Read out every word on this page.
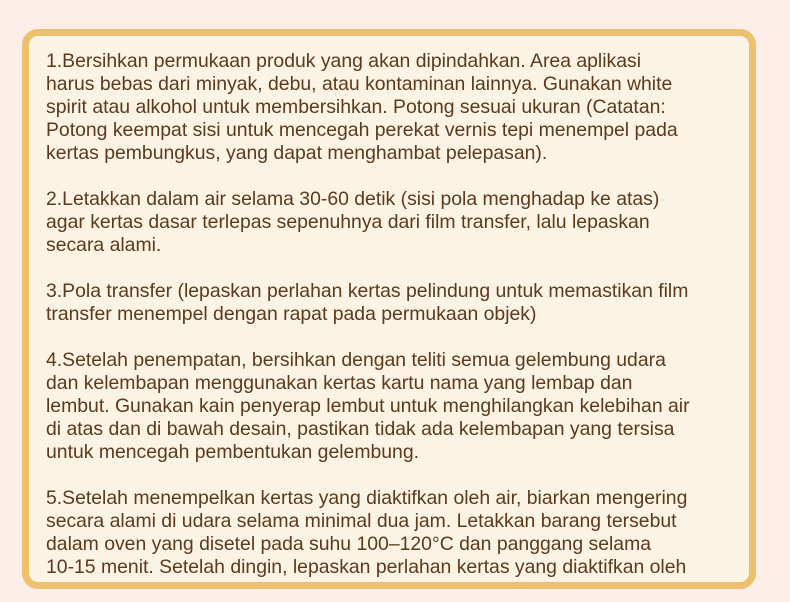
1.Bersihkan permukaan produk yang akan dipindahkan. Area aplikasi
harus bebas dari minyak, debu, atau kontaminan lainnya. Gunakan white
spirit atau alkohol untuk membersihkan. Potong sesuai ukuran (Catatan:
Potong keempat sisi untuk mencegah perekat vernis tepi menempel pada
kertas pembungkus, yang dapat menghambat pelepasan).

2.Letakkan dalam air selama 30-60 detik (sisi pola menghadap ke atas)
agar kertas dasar terlepas sepenuhnya dari film transfer, lalu lepaskan
secara alami.

3.Pola transfer (lepaskan perlahan kertas pelindung untuk memastikan film
transfer menempel dengan rapat pada permukaan objek)

4.Setelah penempatan, bersihkan dengan teliti semua gelembung udara
dan kelembapan menggunakan kertas kartu nama yang lembap dan
lembut. Gunakan kain penyerap lembut untuk menghilangkan kelebihan air
di atas dan di bawah desain, pastikan tidak ada kelembapan yang tersisa
untuk mencegah pembentukan gelembung.

5.Setelah menempelkan kertas yang diaktifkan oleh air, biarkan mengering
secara alami di udara selama minimal dua jam. Letakkan barang tersebut
dalam oven yang disetel pada suhu 100–120°C dan panggang selama
10-15 menit. Setelah dingin, lepaskan perlahan kertas yang diaktifkan oleh
